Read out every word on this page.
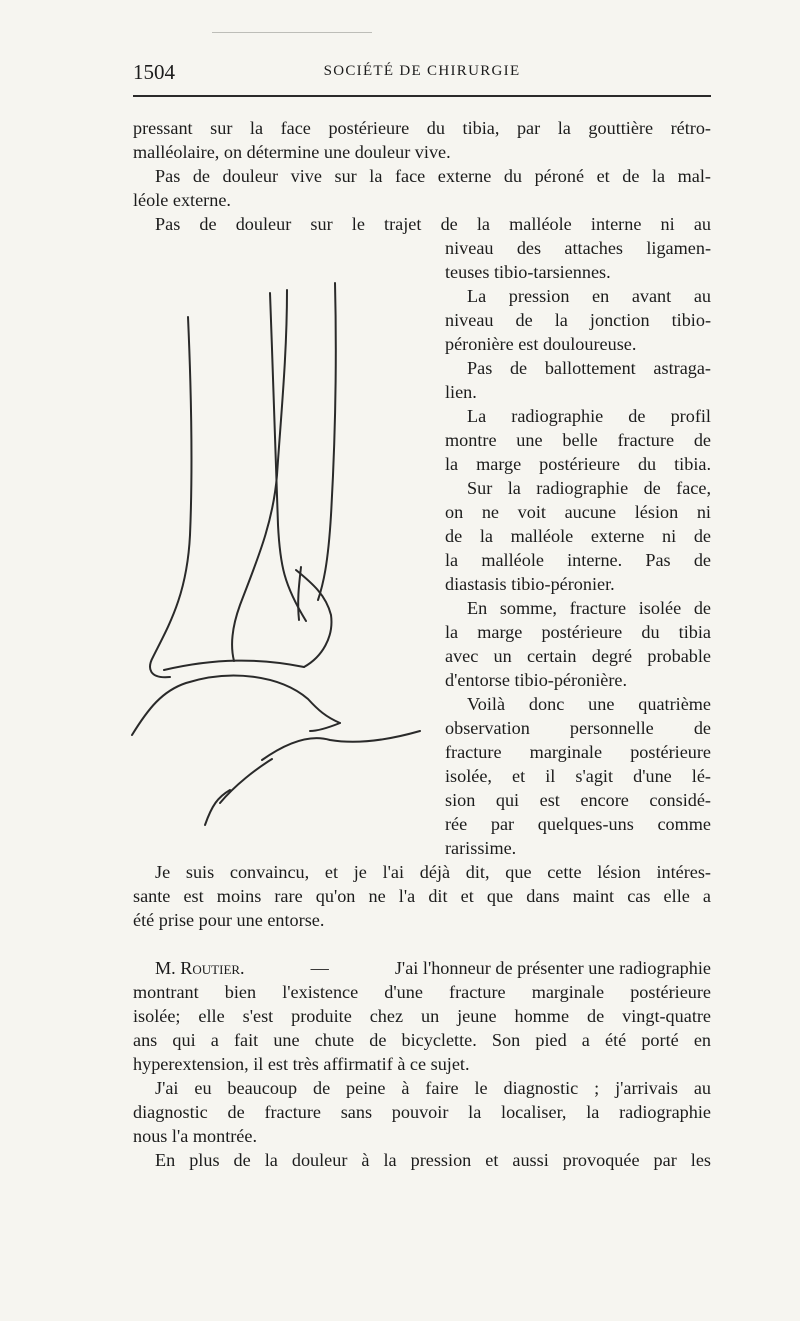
1504	SOCIÉTÉ DE CHIRURGIE
pressant sur la face postérieure du tibia, par la gouttière rétro-
malléolaire, on détermine une douleur vive.
Pas de douleur vive sur la face externe du péroné et de la mal-
léole externe.
Pas de douleur sur le trajet de la malléole interne ni au
niveau des attaches ligamen-
teuses tibio-tarsiennes.
La pression en avant au
niveau de la jonction tibio-
péronière est douloureuse.
Pas de ballottement astraga-
lien.
La radiographie de profil
montre une belle fracture de
la marge postérieure du tibia.
Sur la radiographie de face,
on ne voit aucune lésion ni
de la malléole externe ni de
la malléole interne. Pas de
diastasis tibio-péronier.
En somme, fracture isolée de
la marge postérieure du tibia
avec un certain degré probable
d'entorse tibio-péronière.
Voilà donc une quatrième
observation personnelle de
fracture marginale postérieure
isolée, et il s'agit d'une lé-
sion qui est encore considé-
rée par quelques-uns comme
rarissime.
Je suis convaincu, et je l'ai déjà dit, que cette lésion intéres-
sante est moins rare qu'on ne l'a dit et que dans maint cas elle a
été prise pour une entorse.
M. Routier.	—	J'ai l'honneur de présenter une radiographie
montrant bien l'existence d'une fracture marginale postérieure
isolée; elle s'est produite chez un jeune homme de vingt-quatre
ans qui a fait une chute de bicyclette. Son pied a été porté en
hyperextension, il est très affirmatif à ce sujet.
J'ai eu beaucoup de peine à faire le diagnostic ; j'arrivais au
diagnostic de fracture sans pouvoir la localiser, la radiographie
nous l'a montrée.
En plus de la douleur à la pression et aussi provoquée par les
